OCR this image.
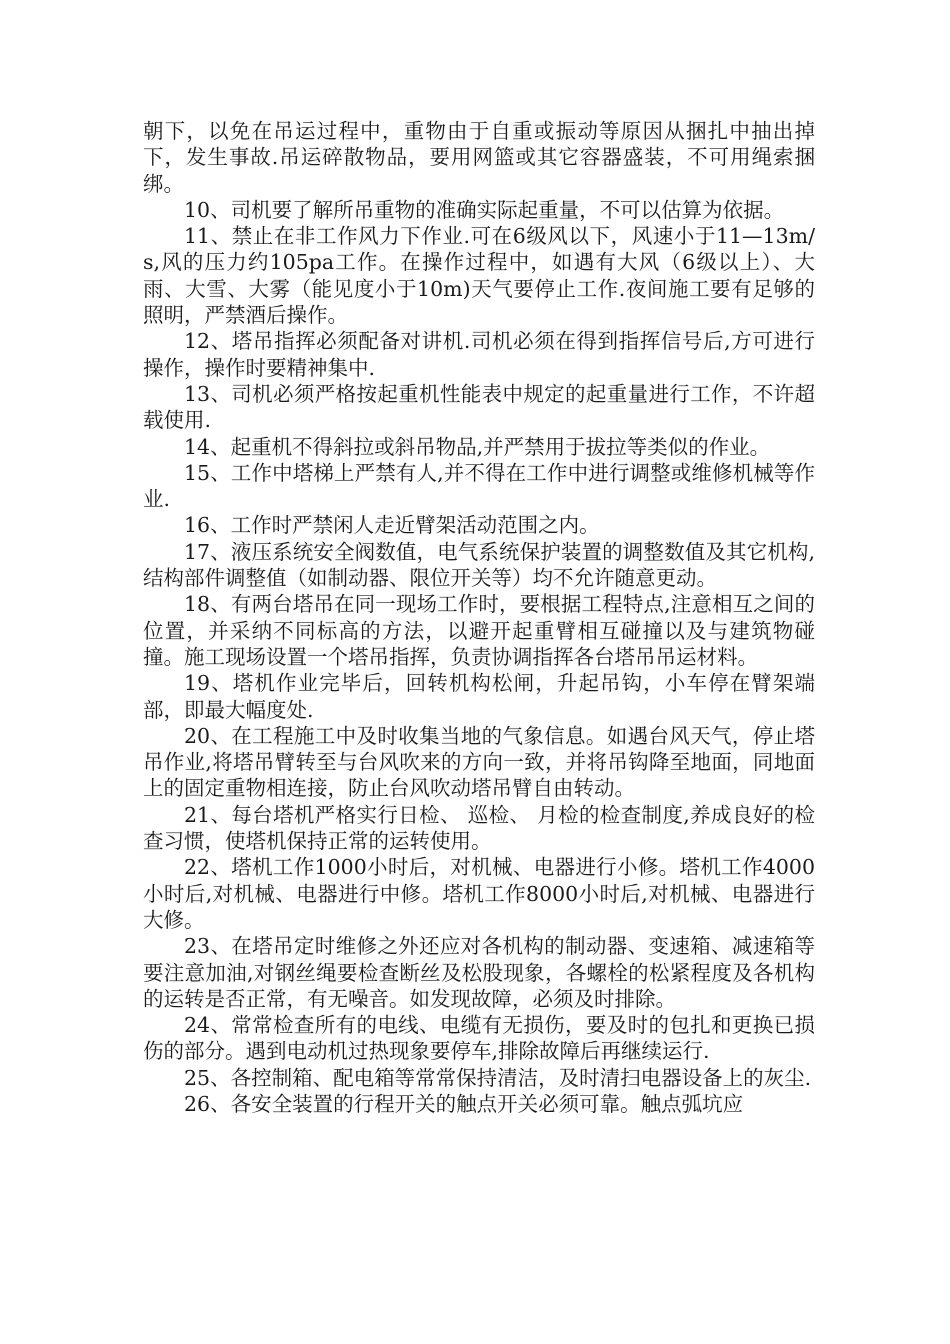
朝下，以免在吊运过程中，重物由于自重或振动等原因从捆扎中抽出掉下，发生事故.吊运碎散物品，要用网篮或其它容器盛装，不可用绳索捆绑。

10、司机要了解所吊重物的准确实际起重量，不可以估算为依据。

11、禁止在非工作风力下作业.可在6级风以下，风速小于11—13m/s,风的压力约105pa工作。在操作过程中，如遇有大风（6级以上）、大雨、大雪、大雾（能见度小于10m)天气要停止工作.夜间施工要有足够的照明，严禁酒后操作。

12、塔吊指挥必须配备对讲机.司机必须在得到指挥信号后,方可进行操作，操作时要精神集中.

13、司机必须严格按起重机性能表中规定的起重量进行工作，不许超载使用.

14、起重机不得斜拉或斜吊物品,并严禁用于拔拉等类似的作业。

15、工作中塔梯上严禁有人,并不得在工作中进行调整或维修机械等作业.

16、工作时严禁闲人走近臂架活动范围之内。

17、液压系统安全阀数值，电气系统保护装置的调整数值及其它机构,结构部件调整值（如制动器、限位开关等）均不允许随意更动。

18、有两台塔吊在同一现场工作时，要根据工程特点,注意相互之间的位置，并采纳不同标高的方法，以避开起重臂相互碰撞以及与建筑物碰撞。施工现场设置一个塔吊指挥，负责协调指挥各台塔吊吊运材料。

19、塔机作业完毕后，回转机构松闸，升起吊钩，小车停在臂架端部，即最大幅度处.

20、在工程施工中及时收集当地的气象信息。如遇台风天气，停止塔吊作业,将塔吊臂转至与台风吹来的方向一致，并将吊钩降至地面，同地面上的固定重物相连接，防止台风吹动塔吊臂自由转动。

21、每台塔机严格实行日检、 巡检、 月检的检查制度,养成良好的检查习惯，使塔机保持正常的运转使用。

22、塔机工作1000小时后，对机械、电器进行小修。塔机工作4000小时后,对机械、电器进行中修。塔机工作8000小时后,对机械、电器进行大修。

23、在塔吊定时维修之外还应对各机构的制动器、变速箱、减速箱等要注意加油,对钢丝绳要检查断丝及松股现象，各螺栓的松紧程度及各机构的运转是否正常，有无噪音。如发现故障，必须及时排除。

24、常常检查所有的电线、电缆有无损伤，要及时的包扎和更换已损伤的部分。遇到电动机过热现象要停车,排除故障后再继续运行.

25、各控制箱、配电箱等常常保持清洁，及时清扫电器设备上的灰尘.

26、各安全装置的行程开关的触点开关必须可靠。触点弧坑应
